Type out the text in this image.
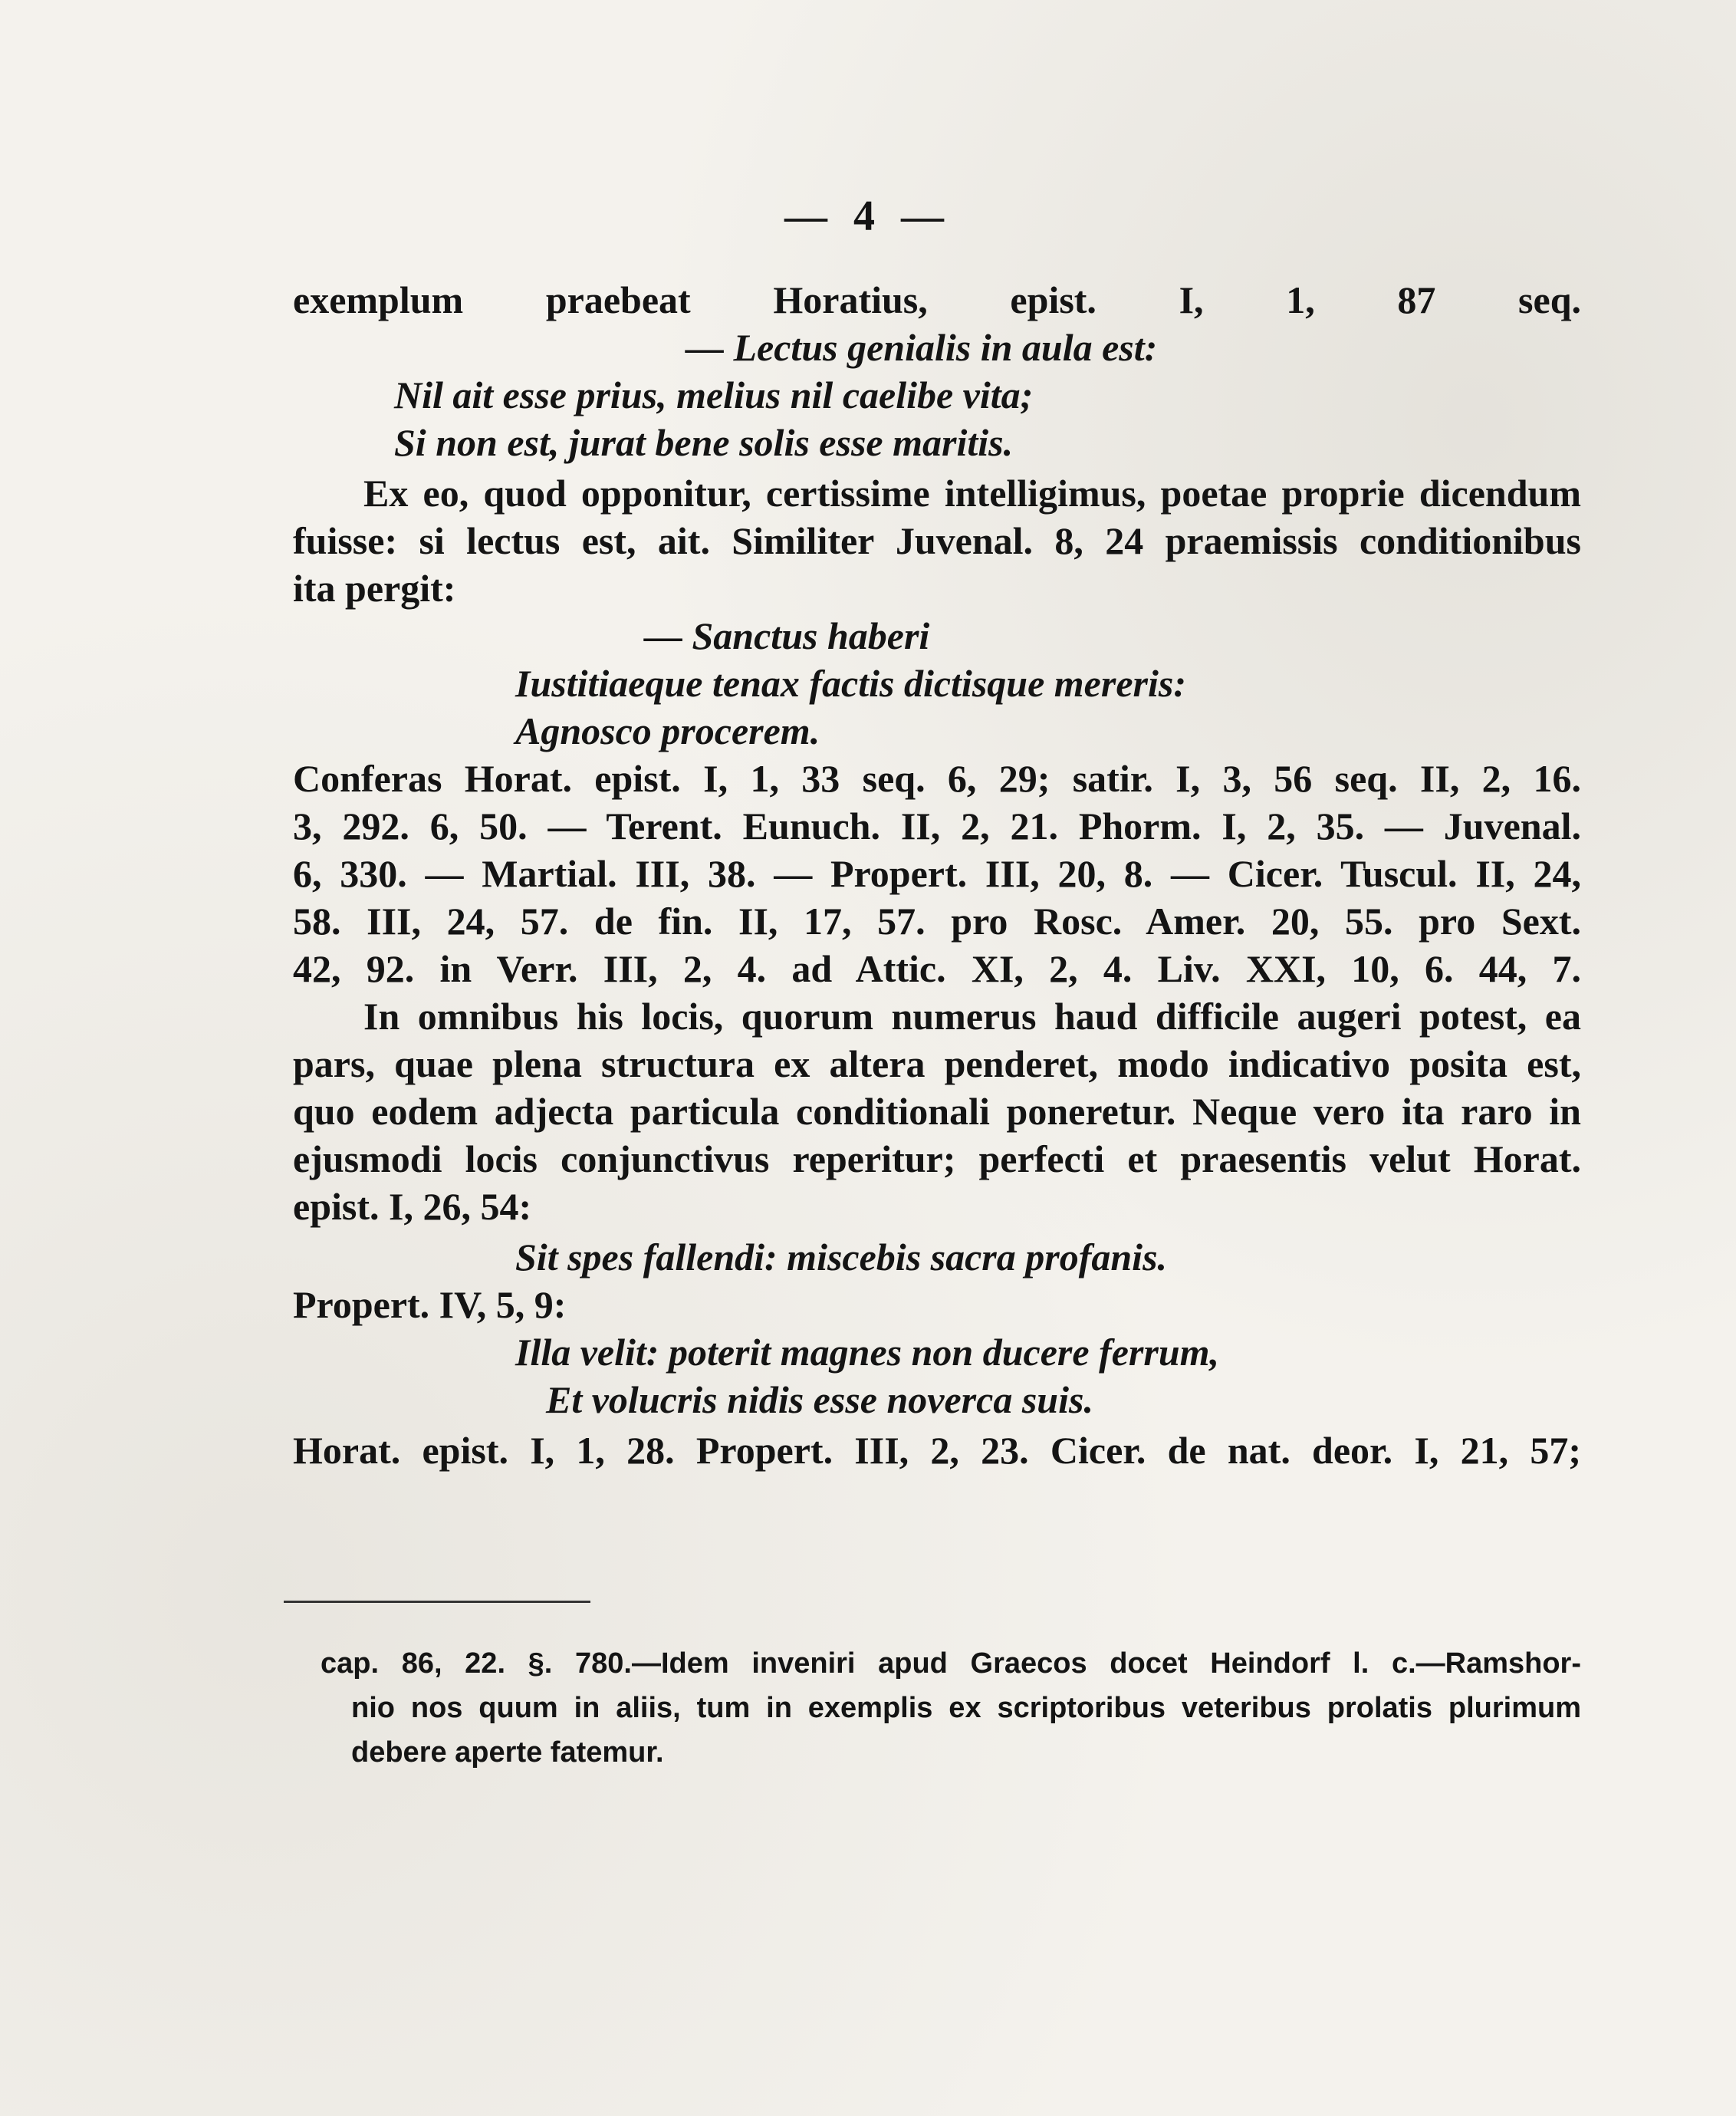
— 4 —
exemplum praebeat Horatius, epist. I, 1, 87 seq.
— Lectus genialis in aula est:
Nil ait esse prius, melius nil caelibe vita;
Si non est, jurat bene solis esse maritis.
Ex eo, quod opponitur, certissime intelligimus, poetae proprie dicendum
fuisse: si lectus est, ait. Similiter Juvenal. 8, 24 praemissis conditionibus
ita pergit:
— Sanctus haberi
Iustitiaeque tenax factis dictisque mereris:
Agnosco procerem.
Conferas Horat. epist. I, 1, 33 seq. 6, 29; satir. I, 3, 56 seq. II, 2, 16.
3, 292. 6, 50. — Terent. Eunuch. II, 2, 21. Phorm. I, 2, 35. — Juvenal.
6, 330. — Martial. III, 38. — Propert. III, 20, 8. — Cicer. Tuscul. II, 24,
58. III, 24, 57. de fin. II, 17, 57. pro Rosc. Amer. 20, 55. pro Sext.
42, 92. in Verr. III, 2, 4. ad Attic. XI, 2, 4. Liv. XXI, 10, 6. 44, 7.
In omnibus his locis, quorum numerus haud difficile augeri potest, ea
pars, quae plena structura ex altera penderet, modo indicativo posita est,
quo eodem adjecta particula conditionali poneretur. Neque vero ita raro in
ejusmodi locis conjunctivus reperitur; perfecti et praesentis velut Horat.
epist. I, 26, 54:
Sit spes fallendi: miscebis sacra profanis.
Propert. IV, 5, 9:
Illa velit: poterit magnes non ducere ferrum,
Et volucris nidis esse noverca suis.
Horat. epist. I, 1, 28. Propert. III, 2, 23. Cicer. de nat. deor. I, 21, 57;
cap. 86, 22. §. 780.—Idem inveniri apud Graecos docet Heindorf l. c.—Ramshor-
nio nos quum in aliis, tum in exemplis ex scriptoribus veteribus prolatis plurimum
debere aperte fatemur.
